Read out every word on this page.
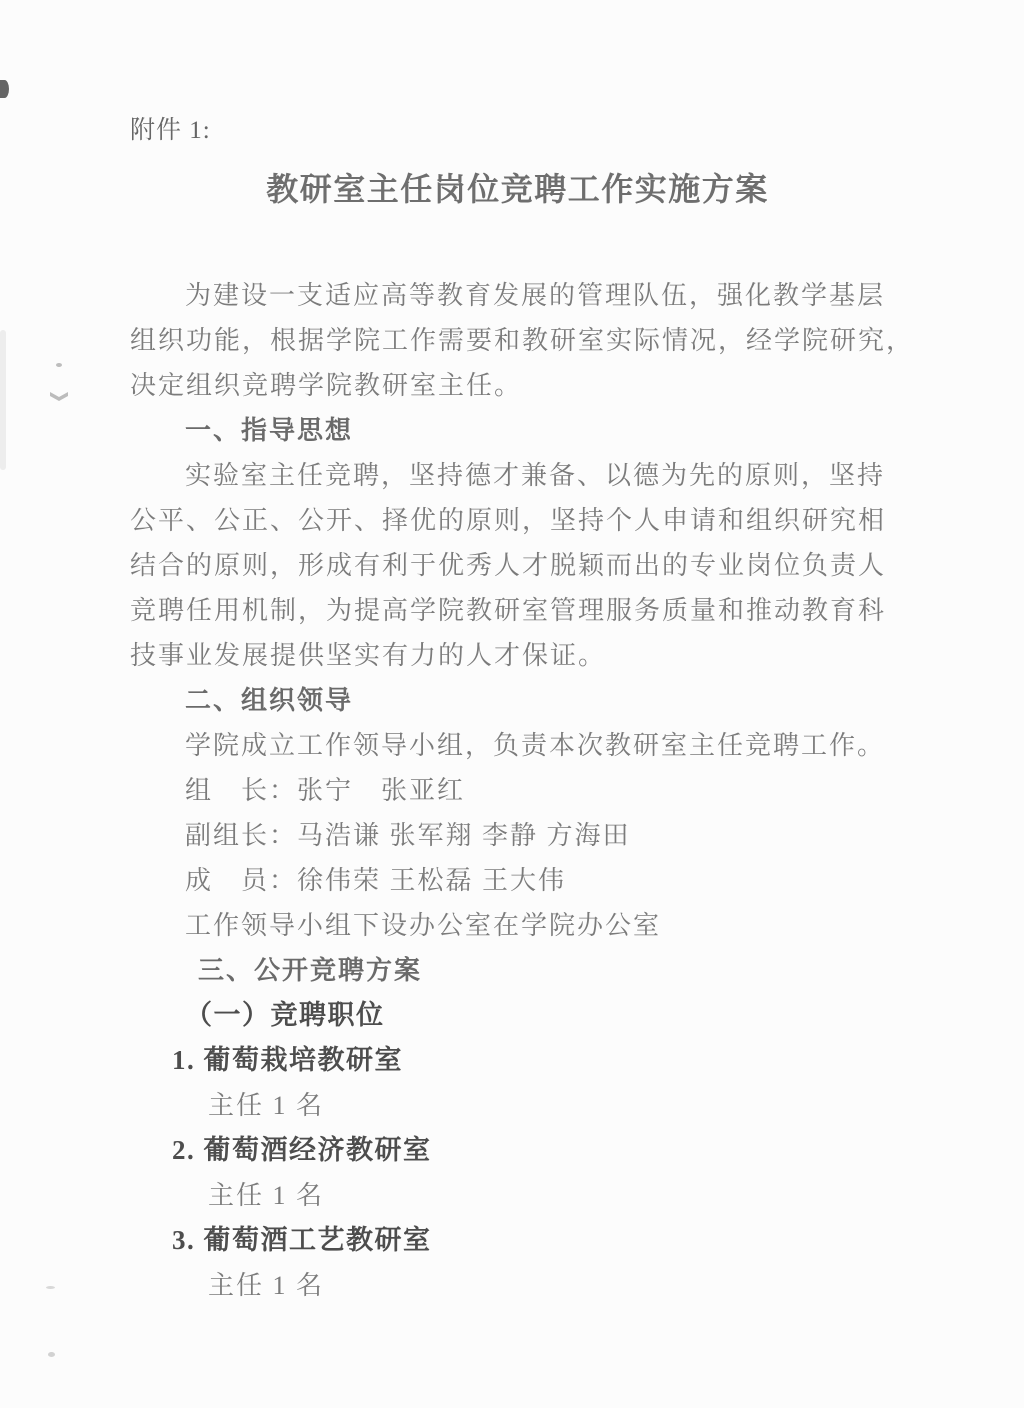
附件 1:

教研室主任岗位竞聘工作实施方案
为建设一支适应高等教育发展的管理队伍，强化教学基层
组织功能，根据学院工作需要和教研室实际情况，经学院研究，
决定组织竞聘学院教研室主任。
一、指导思想
实验室主任竞聘，坚持德才兼备、以德为先的原则，坚持
公平、公正、公开、择优的原则，坚持个人申请和组织研究相
结合的原则，形成有利于优秀人才脱颖而出的专业岗位负责人
竞聘任用机制，为提高学院教研室管理服务质量和推动教育科
技事业发展提供坚实有力的人才保证。
二、组织领导
学院成立工作领导小组，负责本次教研室主任竞聘工作。
组　长：张宁　张亚红
副组长：马浩谦 张军翔 李静 方海田
成　员：徐伟荣 王松磊 王大伟
工作领导小组下设办公室在学院办公室
三、公开竞聘方案
（一）竞聘职位
1. 葡萄栽培教研室
主任 1 名
2. 葡萄酒经济教研室
主任 1 名
3. 葡萄酒工艺教研室
主任 1 名
